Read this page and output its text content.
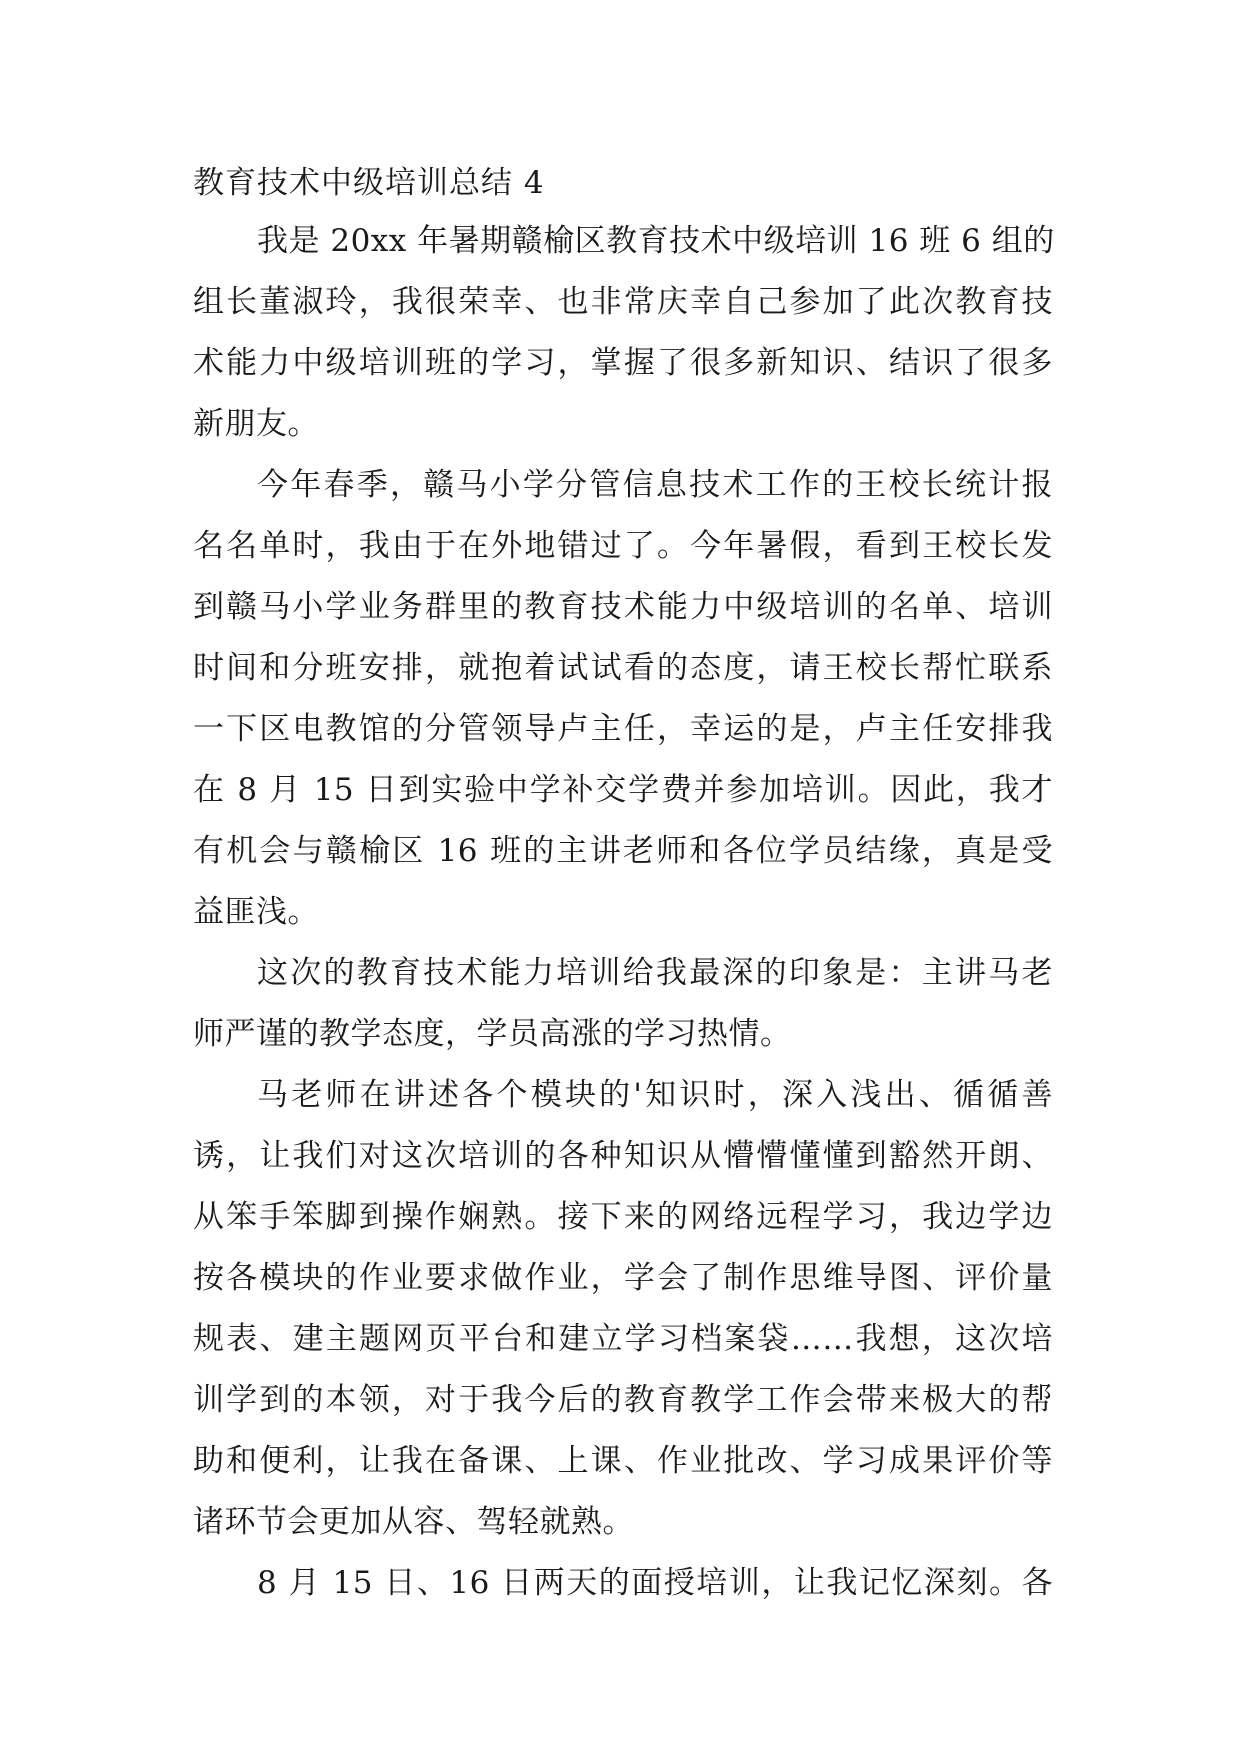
教育技术中级培训总结 4
我是 20xx 年暑期赣榆区教育技术中级培训 16 班 6 组的
组长董淑玲，我很荣幸、也非常庆幸自己参加了此次教育技
术能力中级培训班的学习，掌握了很多新知识、结识了很多
新朋友。
今年春季，赣马小学分管信息技术工作的王校长统计报
名名单时，我由于在外地错过了。今年暑假，看到王校长发
到赣马小学业务群里的教育技术能力中级培训的名单、培训
时间和分班安排，就抱着试试看的态度，请王校长帮忙联系
一下区电教馆的分管领导卢主任，幸运的是，卢主任安排我
在 8 月 15 日到实验中学补交学费并参加培训。因此，我才
有机会与赣榆区 16 班的主讲老师和各位学员结缘，真是受
益匪浅。
这次的教育技术能力培训给我最深的印象是：主讲马老
师严谨的教学态度，学员高涨的学习热情。
马老师在讲述各个模块的'知识时，深入浅出、循循善
诱，让我们对这次培训的各种知识从懵懵懂懂到豁然开朗、
从笨手笨脚到操作娴熟。接下来的网络远程学习，我边学边
按各模块的作业要求做作业，学会了制作思维导图、评价量
规表、建主题网页平台和建立学习档案袋……我想，这次培
训学到的本领，对于我今后的教育教学工作会带来极大的帮
助和便利，让我在备课、上课、作业批改、学习成果评价等
诸环节会更加从容、驾轻就熟。
8 月 15 日、16 日两天的面授培训，让我记忆深刻。各
